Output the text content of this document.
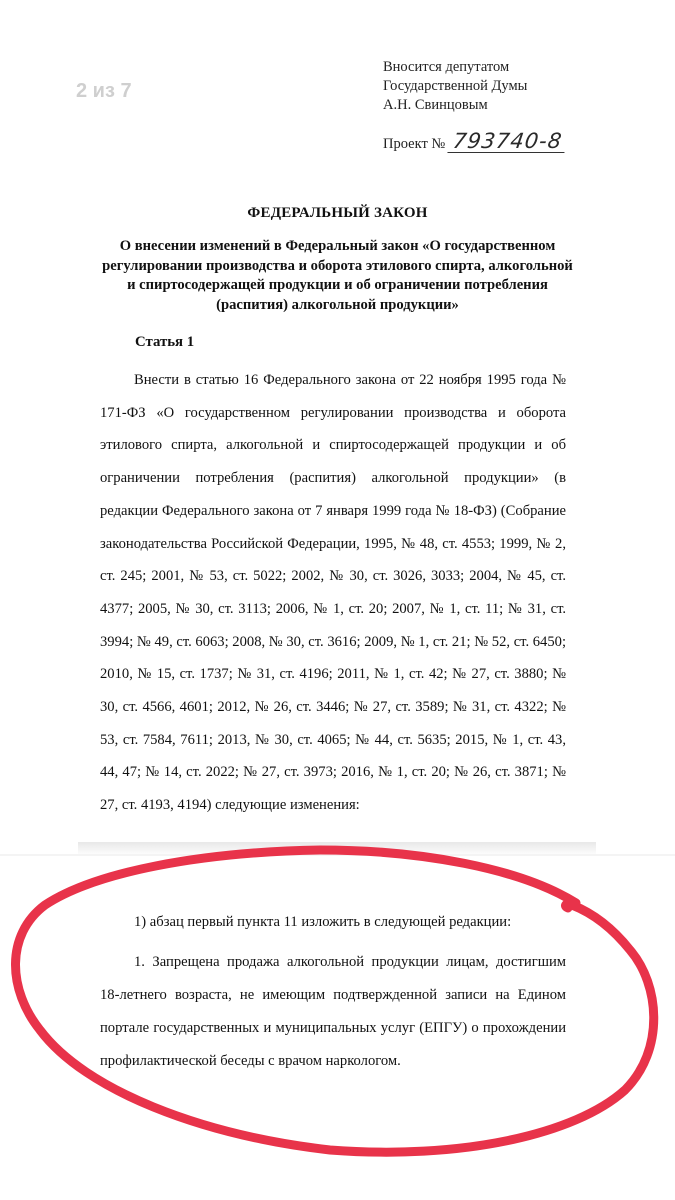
2 из 7
Вносится депутатом
Государственной Думы
А.Н. Свинцовым
Проект № 793740-8
ФЕДЕРАЛЬНЫЙ ЗАКОН
О внесении изменений в Федеральный закон «О государственном регулировании производства и оборота этилового спирта, алкогольной и спиртосодержащей продукции и об ограничении потребления (распития) алкогольной продукции»
Статья 1
Внести в статью 16 Федерального закона от 22 ноября 1995 года № 171-ФЗ «О государственном регулировании производства и оборота этилового спирта, алкогольной и спиртосодержащей продукции и об ограничении потребления (распития) алкогольной продукции» (в редакции Федерального закона от 7 января 1999 года № 18-ФЗ) (Собрание законодательства Российской Федерации, 1995, № 48, ст. 4553; 1999, № 2, ст. 245; 2001, № 53, ст. 5022; 2002, № 30, ст. 3026, 3033; 2004, № 45, ст. 4377; 2005, № 30, ст. 3113; 2006, № 1, ст. 20; 2007, № 1, ст. 11; № 31, ст. 3994; № 49, ст. 6063; 2008, № 30, ст. 3616; 2009, № 1, ст. 21; № 52, ст. 6450; 2010, № 15, ст. 1737; № 31, ст. 4196; 2011, № 1, ст. 42; № 27, ст. 3880; № 30, ст. 4566, 4601; 2012, № 26, ст. 3446; № 27, ст. 3589; № 31, ст. 4322; № 53, ст. 7584, 7611; 2013, № 30, ст. 4065; № 44, ст. 5635; 2015, № 1, ст. 43, 44, 47; № 14, ст. 2022; № 27, ст. 3973; 2016, № 1, ст. 20; № 26, ст. 3871; № 27, ст. 4193, 4194) следующие изменения:
1) абзац первый пункта 11 изложить в следующей редакции:
1. Запрещена продажа алкогольной продукции лицам, достигшим 18-летнего возраста, не имеющим подтвержденной записи на Едином портале государственных и муниципальных услуг (ЕПГУ) о прохождении профилактической беседы с врачом наркологом.
